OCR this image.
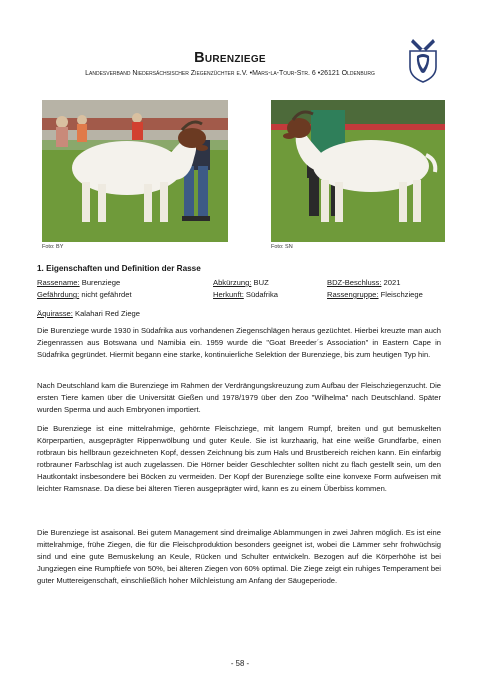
Burenziege
Landesverband Niedersächsischer Ziegenzüchter e.V. •Mars-la-Tour-Str. 6 •26121 Oldenburg
Foto: BY	Foto: SN
1. Eigenschaften und Definition der Rasse
Rassename: Burenziege	Abkürzung: BUZ	BDZ-Beschluss: 2021
Gefährdung: nicht gefährdet	Herkunft: Südafrika	Rassengruppe: Fleischziege
Äquirasse: Kalahari Red Ziege

Die Burenziege wurde 1930 in Südafrika aus vorhandenen Ziegenschlägen heraus gezüchtet. Hierbei kreuzte man auch Ziegenrassen aus Botswana und Namibia ein. 1959 wurde die "Goat Breeder´s Association" in Eastern Cape in Südafrika gegründet. Hiermit begann eine starke, kontinuierliche Selektion der Burenziege, bis zum heutigen Typ hin.

Nach Deutschland kam die Burenziege im Rahmen der Verdrängungskreuzung zum Aufbau der Fleischziegenzucht. Die ersten Tiere kamen über die Universität Gießen und 1978/1979 über den Zoo "Wilhelma" nach Deutschland. Später wurden Sperma und auch Embryonen importiert.

Die Burenziege ist eine mittelrahmige, gehörnte Fleischziege, mit langem Rumpf, breiten und gut bemuskelten Körperpartien, ausgeprägter Rippenwölbung und guter Keule. Sie ist kurzhaarig, hat eine weiße Grundfarbe, einen rotbraun bis hellbraun gezeichneten Kopf, dessen Zeichnung bis zum Hals und Brustbereich reichen kann. Ein einfarbig rotbrauner Farbschlag ist auch zugelassen. Die Hörner beider Geschlechter sollten nicht zu flach gestellt sein, um den Hautkontakt insbesondere bei Böcken zu vermeiden. Der Kopf der Burenziege sollte eine konvexe Form aufweisen mit leichter Ramsnase. Da diese bei älteren Tieren ausgeprägter wird, kann es zu einem Überbiss kommen.

Die Burenziege ist asaisonal. Bei gutem Management sind dreimalige Ablammungen in zwei Jahren möglich. Es ist eine mittelrahmige, frühe Ziegen, die für die Fleischproduktion besonders geeignet ist, wobei die Lämmer sehr frohwüchsig sind und eine gute Bemuskelung an Keule, Rücken und Schulter entwickeln. Bezogen auf die Körperhöhe ist bei Jungziegen eine Rumpftiefe von 50%, bei älteren Ziegen von 60% optimal. Die Ziege zeigt ein ruhiges Temperament bei guter Muttereigenschaft, einschließlich hoher Milchleistung am Anfang der Säugeperiode.

- 58 -
